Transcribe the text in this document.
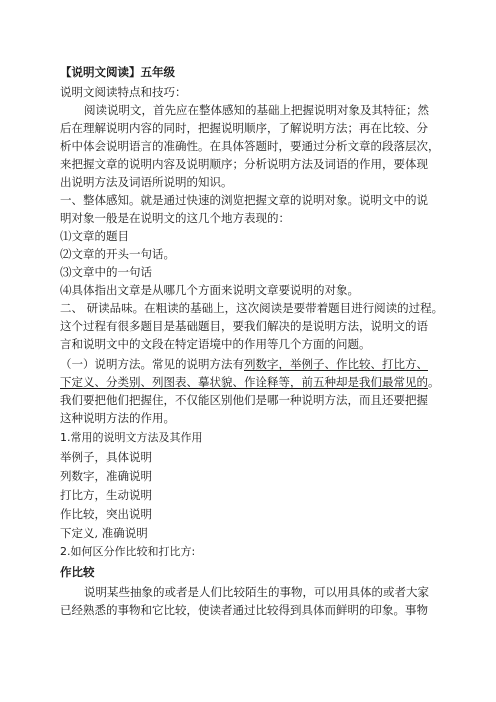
【说明文阅读】五年级
说明文阅读特点和技巧：
阅读说明文，首先应在整体感知的基础上把握说明对象及其特征；然
后在理解说明内容的同时，把握说明顺序，了解说明方法；再在比较、分
析中体会说明语言的准确性。在具体答题时，要通过分析文章的段落层次，
来把握文章的说明内容及说明顺序；分析说明方法及词语的作用，要体现
出说明方法及词语所说明的知识。
一、整体感知。就是通过快速的浏览把握文章的说明对象。说明文中的说
明对象一般是在说明文的这几个地方表现的：
⑴文章的题目
⑵文章的开头一句话。
⑶文章中的一句话
⑷具体指出文章是从哪几个方面来说明文章要说明的对象。
二、 研读品味。在粗读的基础上，这次阅读是要带着题目进行阅读的过程。
这个过程有很多题目是基础题目，要我们解决的是说明方法，说明文的语
言和说明文中的文段在特定语境中的作用等几个方面的问题。
（一）说明方法。常见的说明方法有列数字，举例子、作比较、打比方、
下定义、分类别、列图表、摹状貌、作诠释等，前五种却是我们最常见的。
我们要把他们把握住，不仅能区别他们是哪一种说明方法，而且还要把握
这种说明方法的作用。
1.常用的说明文方法及其作用
举例子，具体说明
列数字，准确说明
打比方，生动说明
作比较，突出说明
下定义, 准确说明
2.如何区分作比较和打比方:
作比较
说明某些抽象的或者是人们比较陌生的事物，可以用具体的或者大家
已经熟悉的事物和它比较，使读者通过比较得到具体而鲜明的印象。事物
